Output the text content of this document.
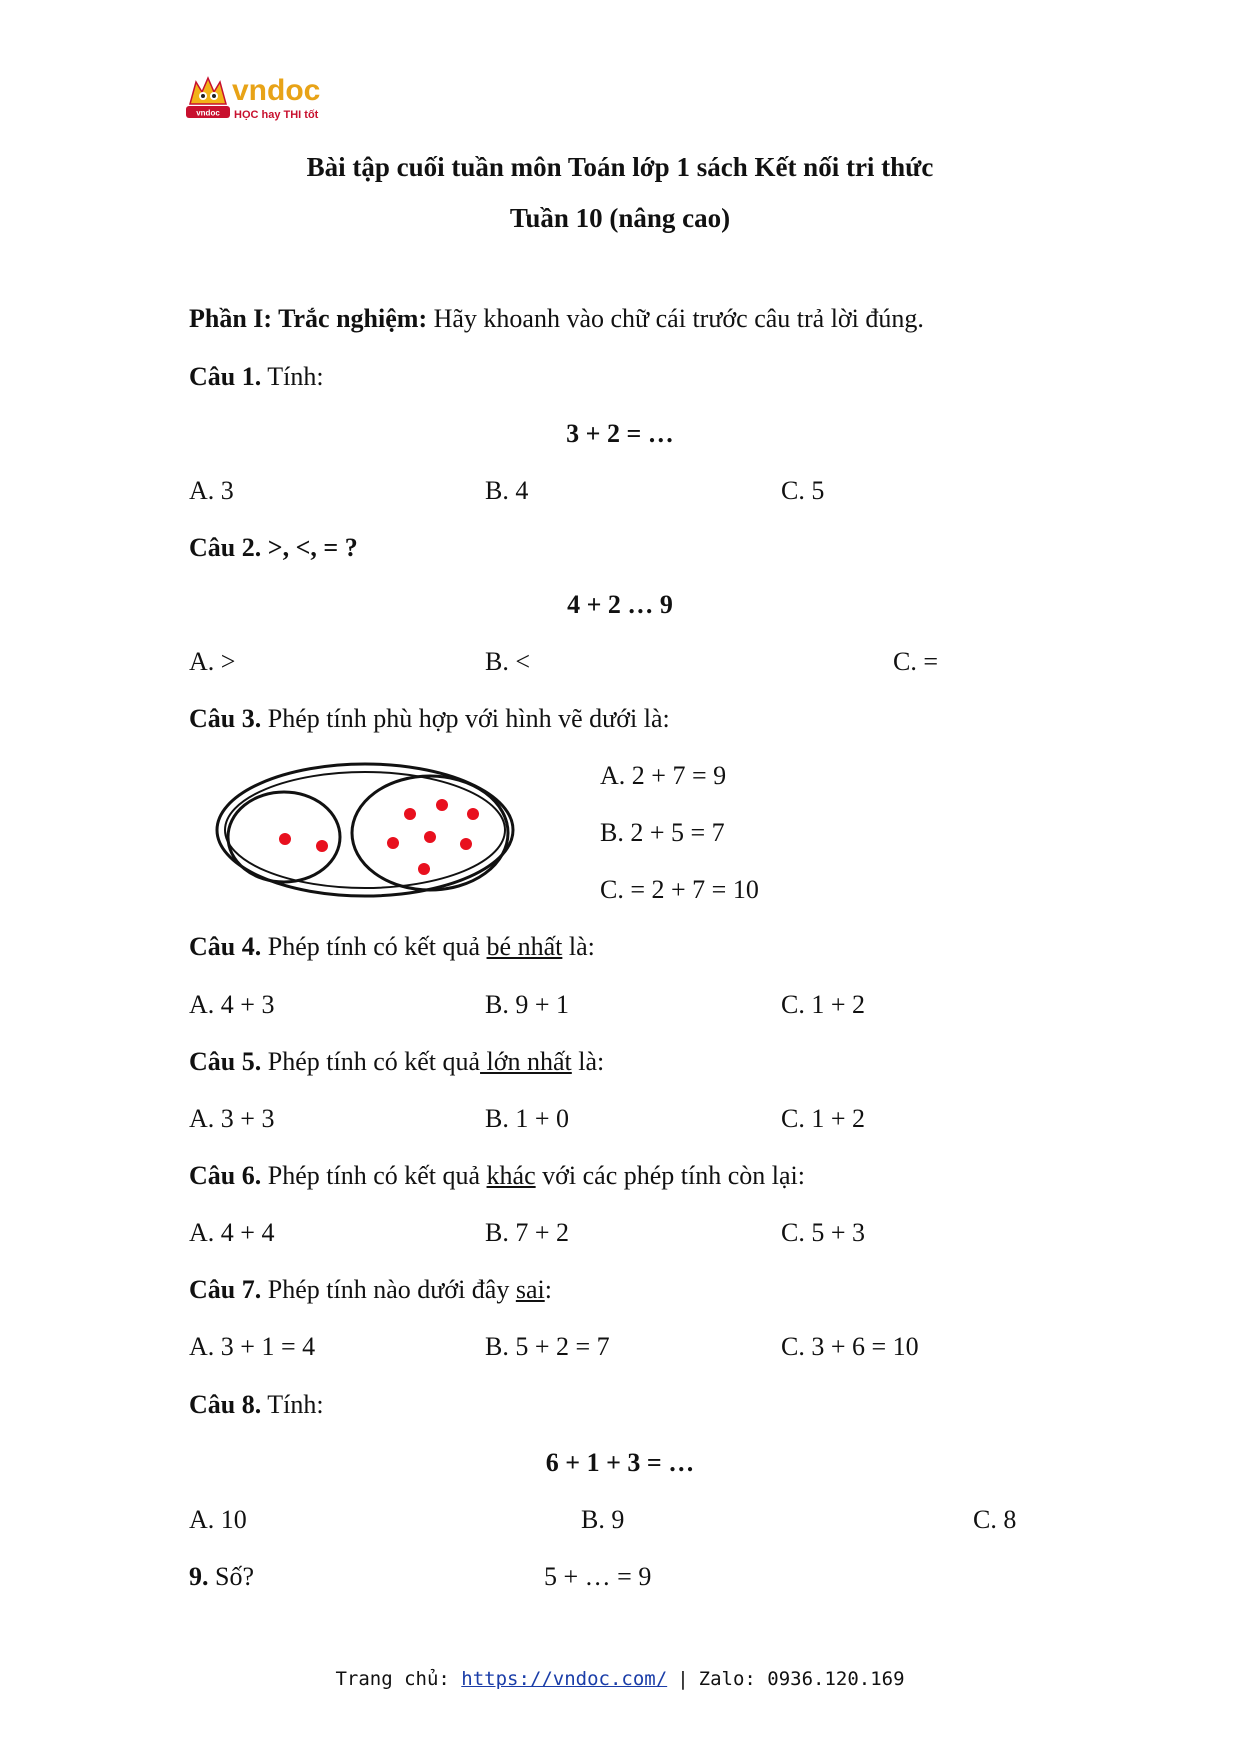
vndoc
vndoc
HỌC hay THI tốt
Bài tập cuối tuần môn Toán lớp 1 sách Kết nối tri thức
Tuần 10 (nâng cao)
Phần I: Trắc nghiệm: Hãy khoanh vào chữ cái trước câu trả lời đúng.
Câu 1. Tính:
3 + 2 = …
A. 3	B. 4	C. 5
Câu 2. >, <, = ?
4 + 2 … 9
A. >	B. <	C. =
Câu 3. Phép tính phù hợp với hình vẽ dưới là:
A. 2 + 7 = 9
B. 2 + 5 = 7
C. = 2 + 7 = 10
Câu 4. Phép tính có kết quả bé nhất là:
A. 4 + 3	B. 9 + 1	C. 1 + 2
Câu 5. Phép tính có kết quả lớn nhất là:
A. 3 + 3	B. 1 + 0	C. 1 + 2
Câu 6. Phép tính có kết quả khác với các phép tính còn lại:
A. 4 + 4	B. 7 + 2	C. 5 + 3
Câu 7. Phép tính nào dưới đây sai:
A. 3 + 1 = 4	B. 5 + 2 = 7	C. 3 + 6 = 10
Câu 8. Tính:
6 + 1 + 3 = …
A. 10	B. 9	C. 8
9. Số?	5 + … = 9
Trang chủ: https://vndoc.com/ | Zalo: 0936.120.169
